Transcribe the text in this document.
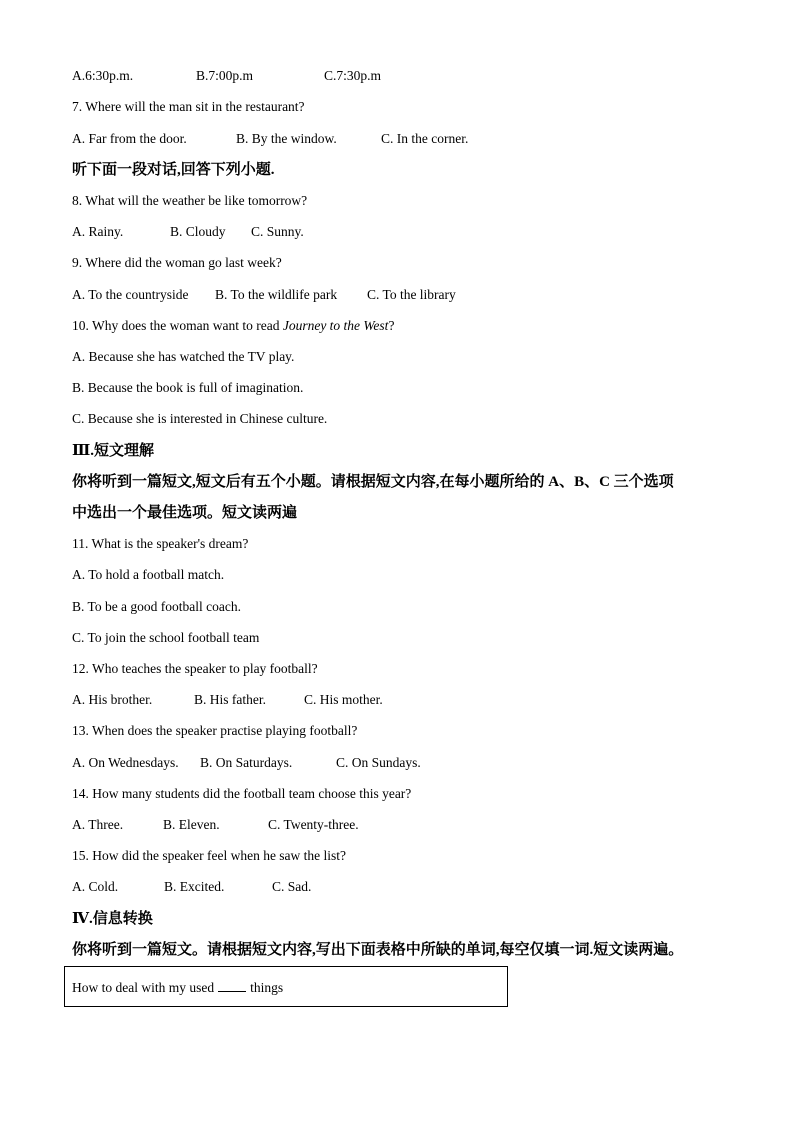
A.6:30p.m.	B.7:00p.m	C.7:30p.m
7. Where will the man sit in the restaurant?
A. Far from the door.	B. By the window.	C. In the corner.
听下面一段对话,回答下列小题.
8. What will the weather be like tomorrow?
A. Rainy.	B. Cloudy C. Sunny.
9. Where did the woman go last week?
A. To the countryside B. To the wildlife park C. To the library
10. Why does the woman want to read Journey to the West?
A. Because she has watched the TV play.
B. Because the book is full of imagination.
C. Because she is interested in Chinese culture.
Ⅲ.短文理解
你将听到一篇短文,短文后有五个小题。请根据短文内容,在每小题所给的 A、B、C 三个选项
中选出一个最佳选项。短文读两遍
11. What is the speaker's dream?
A. To hold a football match.
B. To be a good football coach.
C. To join the school football team
12. Who teaches the speaker to play football?
A. His brother.	B. His father.	C. His mother.
13. When does the speaker practise playing football?
A. On Wednesdays. B. On Saturdays.	C. On Sundays.
14. How many students did the football team choose this year?
A. Three.	B. Eleven.	C. Twenty-three.
15. How did the speaker feel when he saw the list?
A. Cold.	B. Excited.	C. Sad.
Ⅳ.信息转换
你将听到一篇短文。请根据短文内容,写出下面表格中所缺的单词,每空仅填一词.短文读两遍。
How to deal with my used	things
